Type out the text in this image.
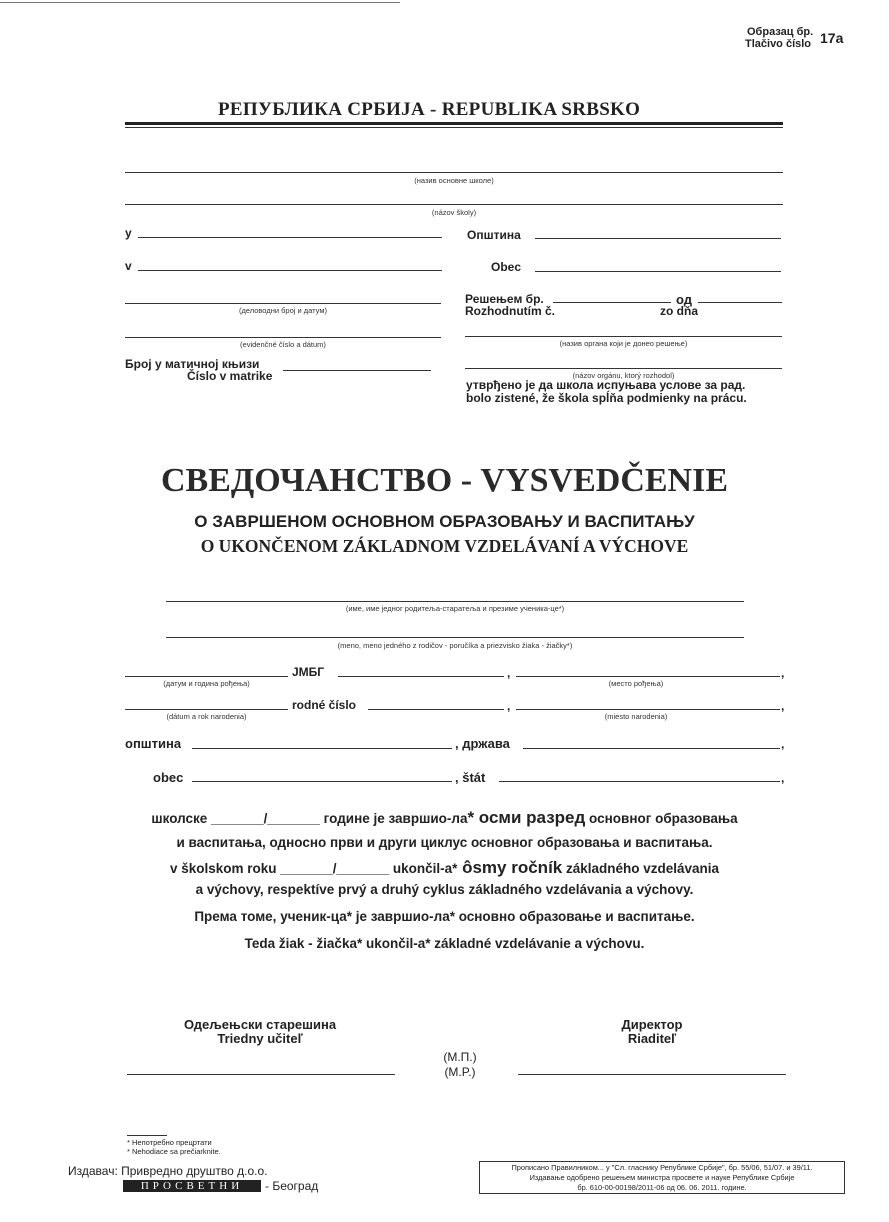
Образац бр.
Tlačivo číslo 17a
РЕПУБЛИКА СРБИЈА - REPUBLIKA SRBSKO
(назив основне школе)
(názov školy)
у
v
Општина
Obec
(деловодни број и датум)
(evidenčné číslo a dátum)
Решењем бр.	од
Rozhodnutím č.	zo dňa
(назив органа који је донео решење)
Број у матичној књизи
Číslo v matrike	(názov orgánu, ktorý rozhodol)
утврђено је да школа испуњава услове за рад.
bolo zistené, že škola spĺňa podmienky na prácu.
СВЕДОЧАНСТВО - VYSVEDČENIE
О ЗАВРШЕНОМ ОСНОВНОМ ОБРАЗОВАЊУ И ВАСПИТАЊУ
O UKONČENOM ZÁKLADNOM VZDELÁVANÍ A VÝCHOVE
(име, име једног родитеља-старатеља и презиме ученика-це*)
(meno, meno jedného z rodičov - poručíka a priezvisko žiaka - žiačky*)
(датум и година рођења)
ЈМБГ	,
(место рођења)
,
(dátum a rok narodenia)
rodné číslo	,
(miesto narodenia)
,
општина	, држава	,
obec	, štát	,
школске _______/_______ године је завршио-ла* осми разред основног образовања
и васпитања, односно први и други циклус основног образовања и васпитања.
v školskom roku _______/_______ ukončil-a* ôsmy ročník základného vzdelávania
a výchovy, respektíve prvý a druhý cyklus základného vzdelávania a výchovy.
Према томе, ученик-ца* је завршио-ла* основно образовање и васпитање.
Teda žiak - žiačka* ukončil-a* základné vzdelávanie a výchovu.
Одељењски старешина
Triedny učiteľ
Директор
Riaditeľ
(М.П.)
(M.P.)
* Непотребно прецртати
* Nehodiace sa prečiarknite.
Издавач: Привредно друштво д.о.о.
ПРОСВЕТНИ	- Београд
Прописано Правилником... у "Сл. гласнику Републике Србије", бр. 55/06, 51/07. и 39/11.
Издавање одобрено решењем министра просвете и науке Републике Србије
бр. 610-00-00198/2011-06 од 06. 06. 2011. године.
